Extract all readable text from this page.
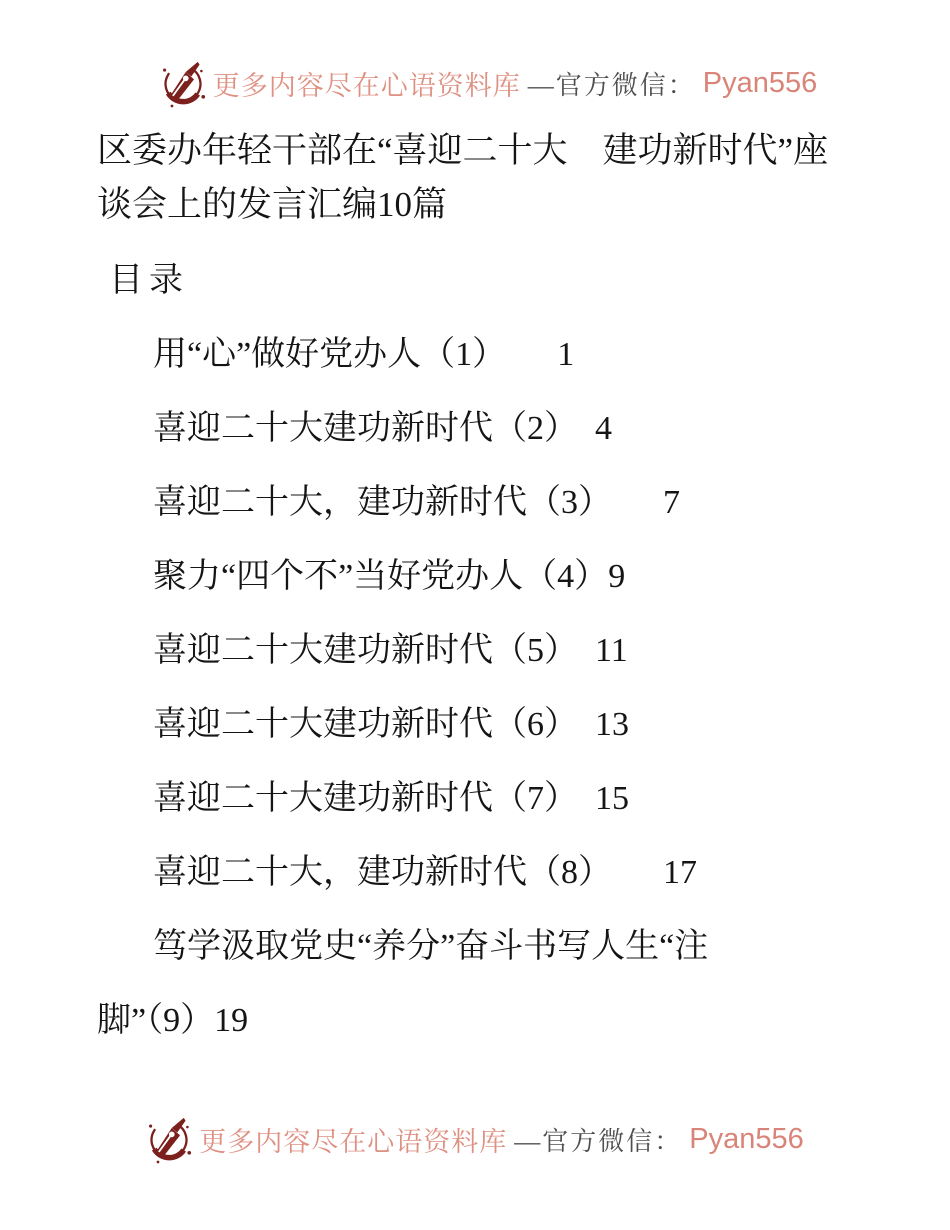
更多内容尽在心语资料库 —官方微信： Pyan556
区委办年轻干部在“喜迎二十大　建功新时代”座谈会上的发言汇编10篇
目录
用“心”做好党办人（1）　　1
喜迎二十大建功新时代（2）　4
喜迎二十大，建功新时代（3）　　7
聚力“四个不”当好党办人（4）9
喜迎二十大建功新时代（5）　11
喜迎二十大建功新时代（6）　13
喜迎二十大建功新时代（7）　15
喜迎二十大，建功新时代（8）　　17
笃学汲取党史“养分”奋斗书写人生“注脚”（9）19
更多内容尽在心语资料库 —官方微信： Pyan556
